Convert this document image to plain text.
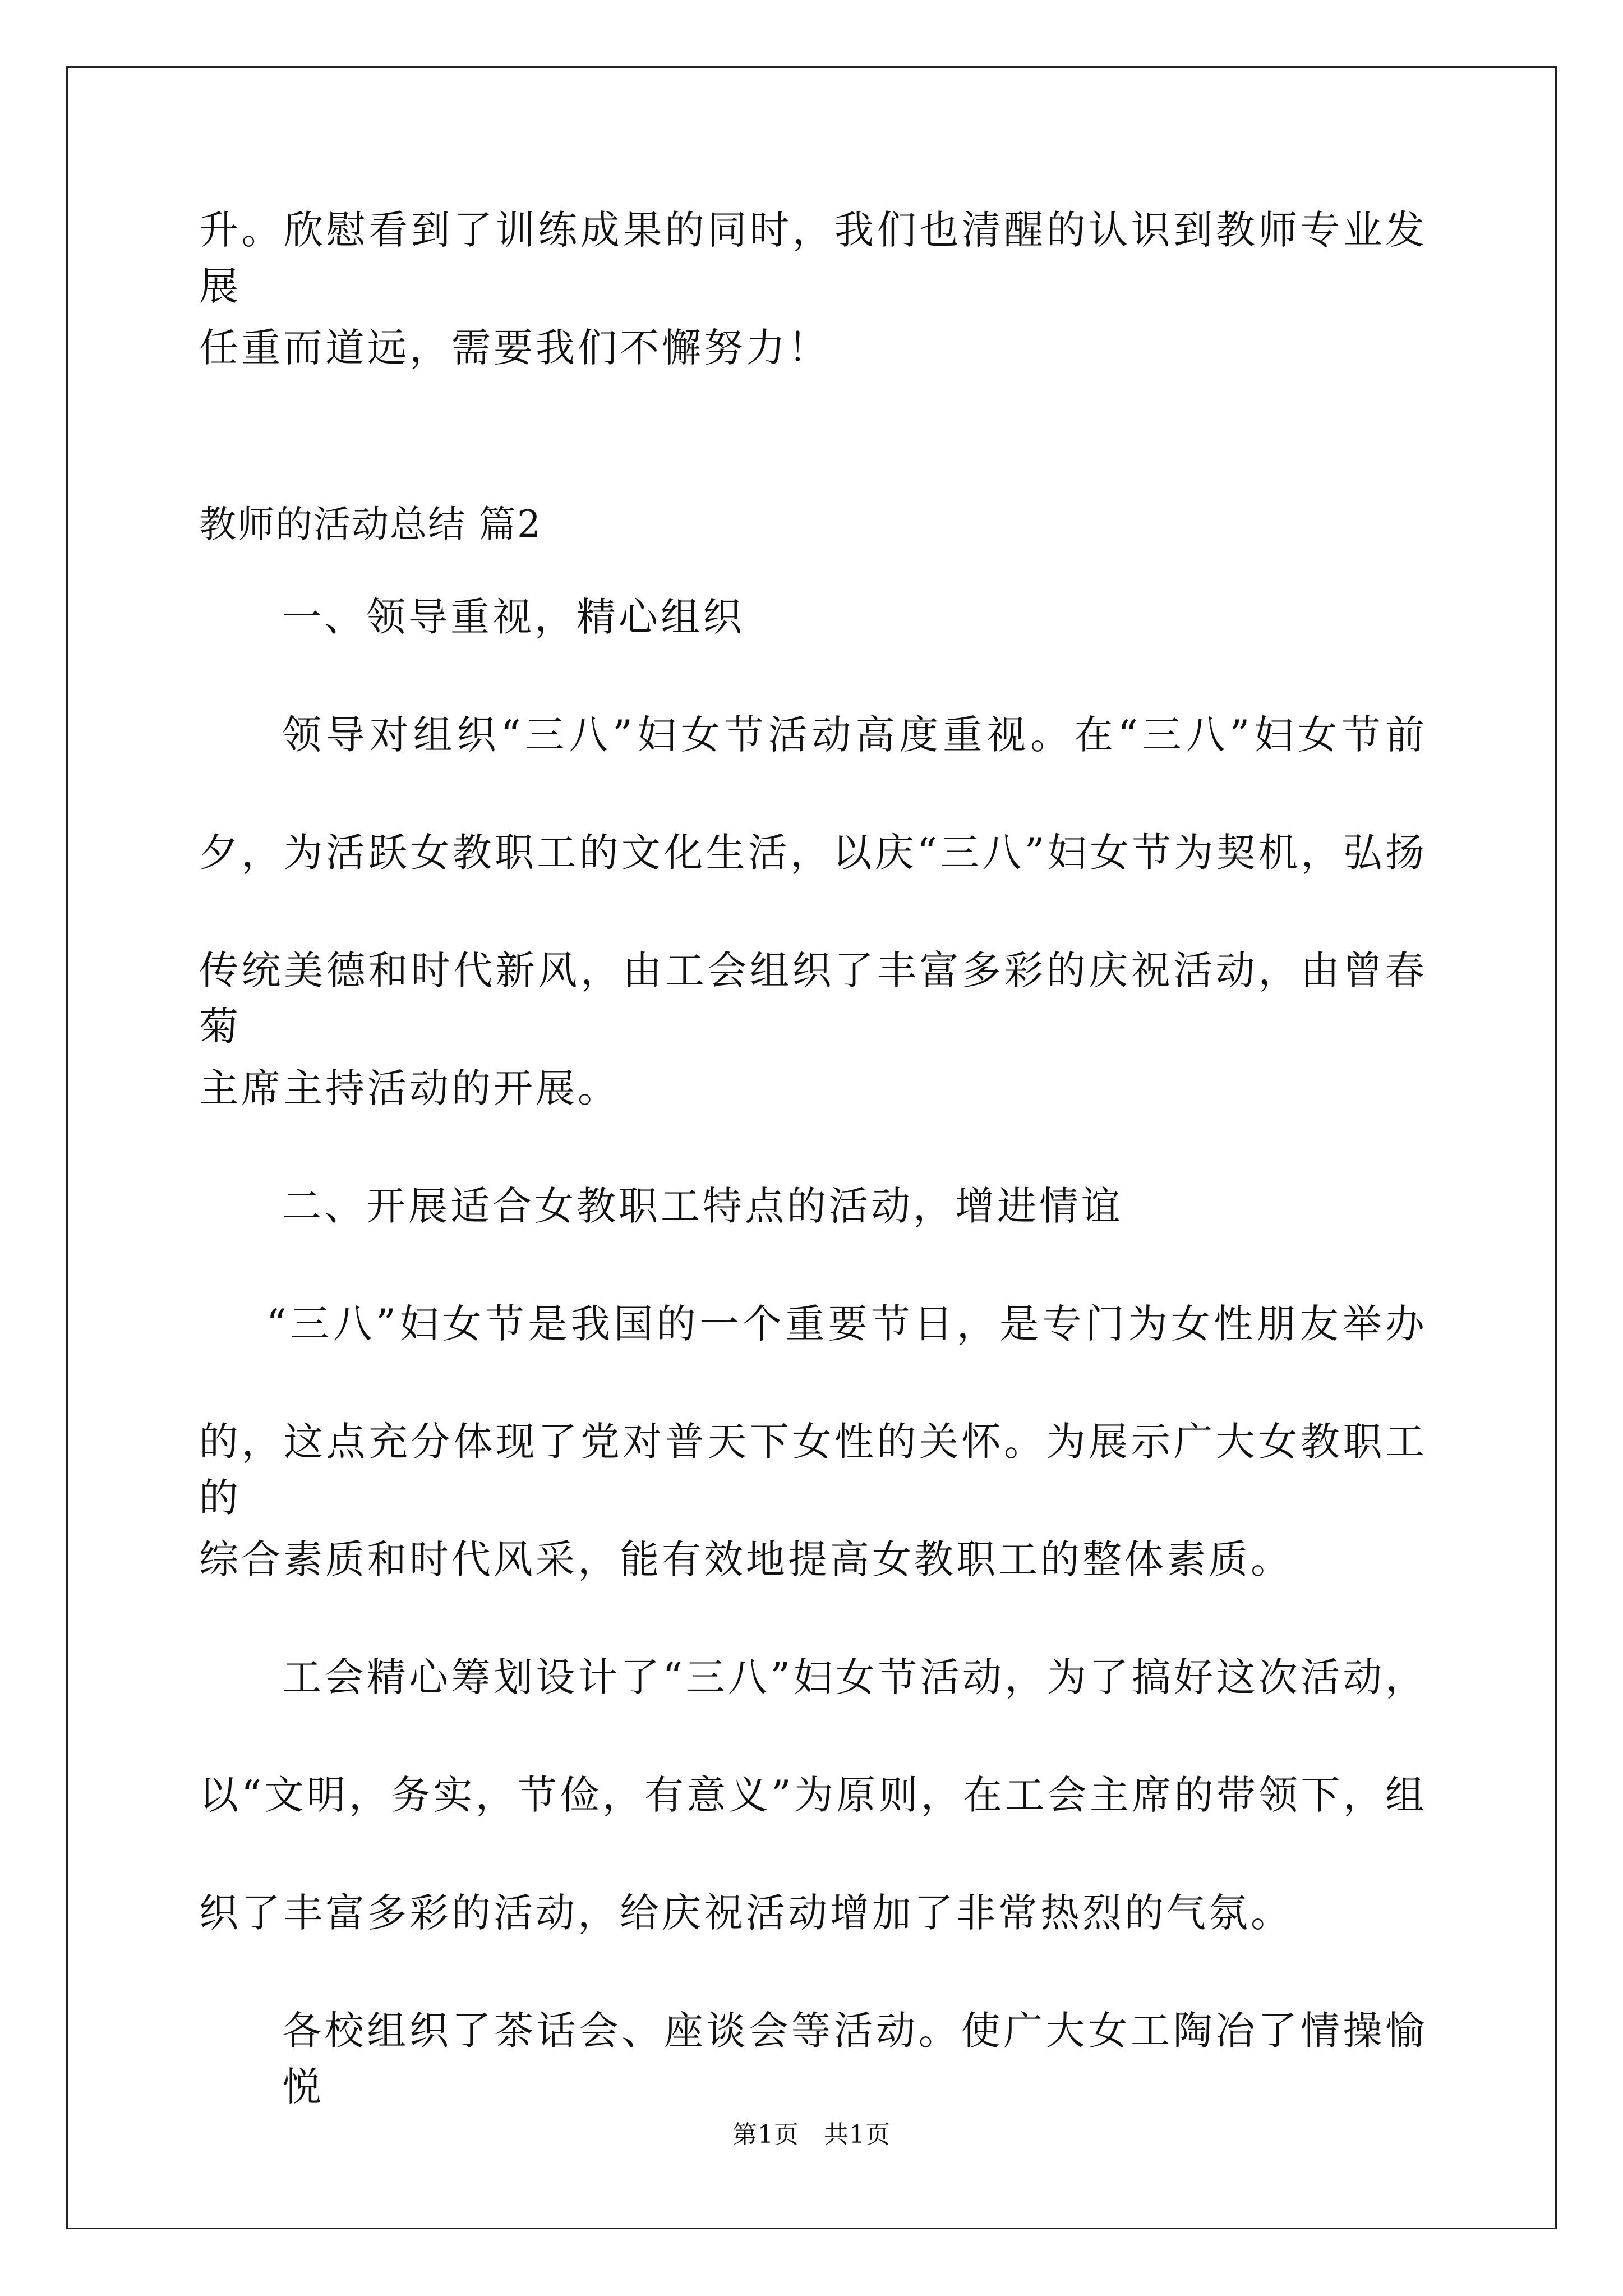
升。欣慰看到了训练成果的同时，我们也清醒的认识到教师专业发展
任重而道远，需要我们不懈努力！
教师的活动总结 篇2
一、领导重视，精心组织
领导对组织“三八”妇女节活动高度重视。在“三八”妇女节前
夕，为活跃女教职工的文化生活，以庆“三八”妇女节为契机，弘扬
传统美德和时代新风，由工会组织了丰富多彩的庆祝活动，由曾春菊
主席主持活动的开展。
二、开展适合女教职工特点的活动，增进情谊
“三八”妇女节是我国的一个重要节日，是专门为女性朋友举办
的，这点充分体现了党对普天下女性的关怀。为展示广大女教职工的
综合素质和时代风采，能有效地提高女教职工的整体素质。
工会精心筹划设计了“三八”妇女节活动，为了搞好这次活动，
以“文明，务实，节俭，有意义”为原则，在工会主席的带领下，组
织了丰富多彩的活动，给庆祝活动增加了非常热烈的气氛。
各校组织了茶话会、座谈会等活动。使广大女工陶冶了情操愉悦
第1页 共1页
